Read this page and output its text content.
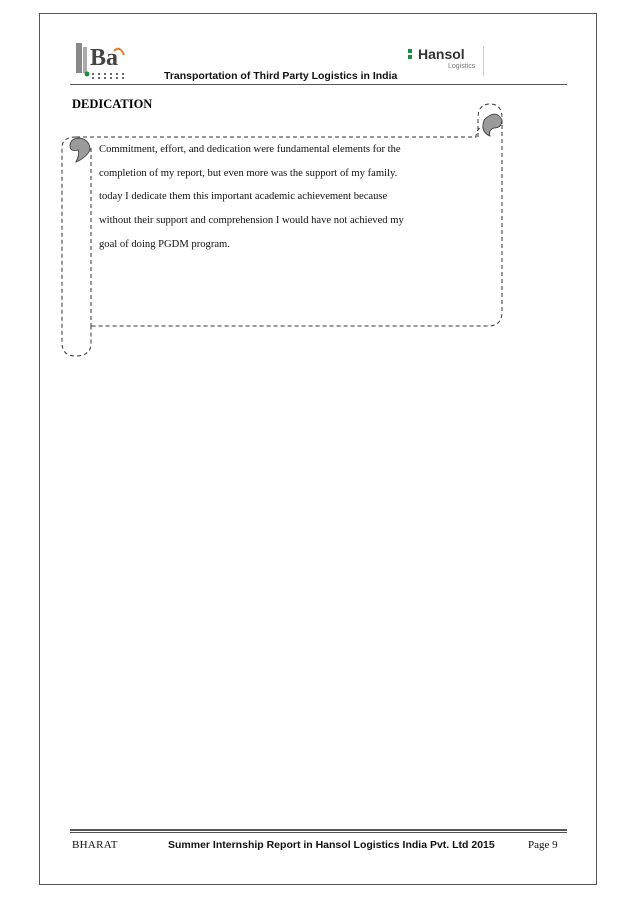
Ba
Transportation of Third Party Logistics in India
Hansol
Logistics
DEDICATION

Commitment, effort, and dedication were fundamental elements for the

completion of my report, but even more was the support of my family.

today I dedicate them this important academic achievement because

without their support and comprehension I would have not achieved my

goal of doing PGDM program.

BHARAT	Summer Internship Report in Hansol Logistics India Pvt. Ltd 2015	Page 9
